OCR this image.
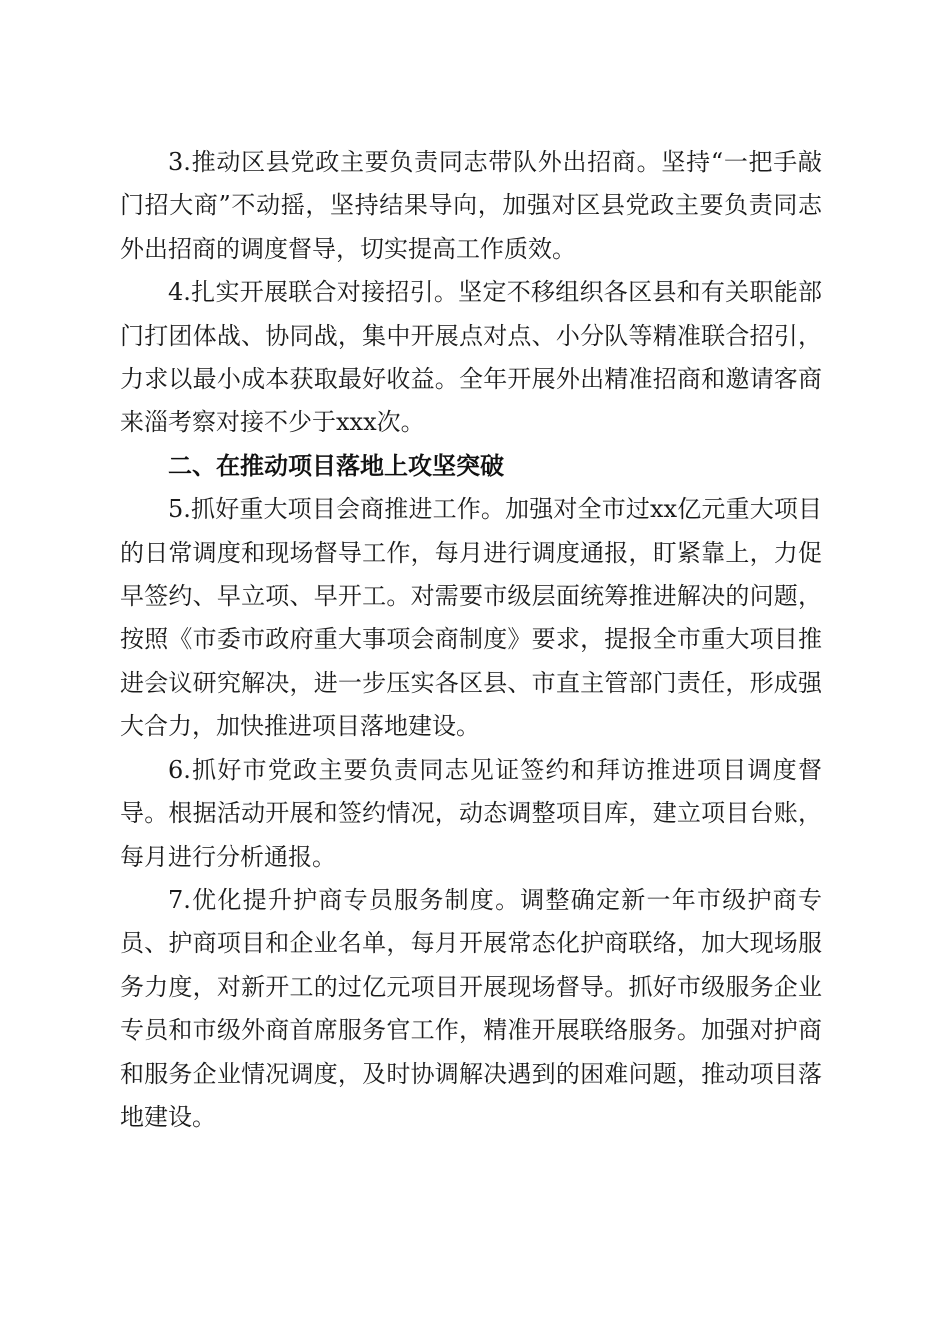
3.推动区县党政主要负责同志带队外出招商。坚持“一把手敲门招大商”不动摇，坚持结果导向，加强对区县党政主要负责同志外出招商的调度督导，切实提高工作质效。

4.扎实开展联合对接招引。坚定不移组织各区县和有关职能部门打团体战、协同战，集中开展点对点、小分队等精准联合招引，力求以最小成本获取最好收益。全年开展外出精准招商和邀请客商来淄考察对接不少于xxx次。

二、在推动项目落地上攻坚突破

5.抓好重大项目会商推进工作。加强对全市过xx亿元重大项目的日常调度和现场督导工作，每月进行调度通报，盯紧靠上，力促早签约、早立项、早开工。对需要市级层面统筹推进解决的问题，按照《市委市政府重大事项会商制度》要求，提报全市重大项目推进会议研究解决，进一步压实各区县、市直主管部门责任，形成强大合力，加快推进项目落地建设。

6.抓好市党政主要负责同志见证签约和拜访推进项目调度督导。根据活动开展和签约情况，动态调整项目库，建立项目台账，每月进行分析通报。

7.优化提升护商专员服务制度。调整确定新一年市级护商专员、护商项目和企业名单，每月开展常态化护商联络，加大现场服务力度，对新开工的过亿元项目开展现场督导。抓好市级服务企业专员和市级外商首席服务官工作，精准开展联络服务。加强对护商和服务企业情况调度，及时协调解决遇到的困难问题，推动项目落地建设。
